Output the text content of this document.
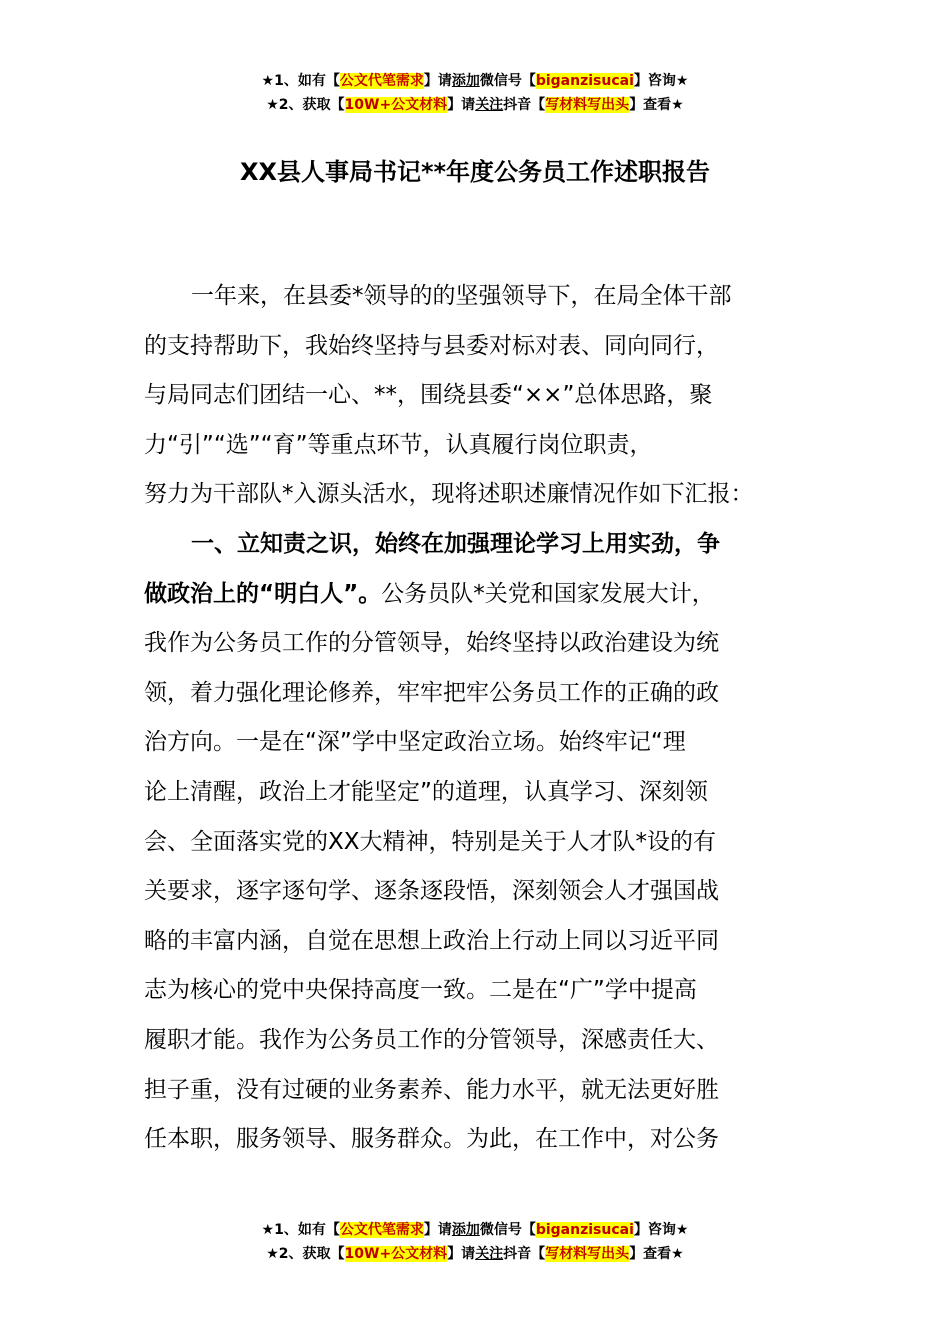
★1、如有【公文代笔需求】请添加微信号【biganzisucai】咨询★
★2、获取【10W+公文材料】请关注抖音【写材料写出头】查看★
XX县人事局书记**年度公务员工作述职报告
一年来，在县委*领导的的坚强领导下，在局全体干部
的支持帮助下，我始终坚持与县委对标对表、同向同行，
与局同志们团结一心、**，围绕县委“××”总体思路，聚
力“引”“选”“育”等重点环节，认真履行岗位职责，
努力为干部队*入源头活水，现将述职述廉情况作如下汇报：
一、立知责之识，始终在加强理论学习上用实劲，争
做政治上的“明白人”。公务员队*关党和国家发展大计，
我作为公务员工作的分管领导，始终坚持以政治建设为统
领，着力强化理论修养，牢牢把牢公务员工作的正确的政
治方向。一是在“深”学中坚定政治立场。始终牢记“理
论上清醒，政治上才能坚定”的道理，认真学习、深刻领
会、全面落实党的XX大精神，特别是关于人才队*设的有
关要求，逐字逐句学、逐条逐段悟，深刻领会人才强国战
略的丰富内涵，自觉在思想上政治上行动上同以习近平同
志为核心的党中央保持高度一致。二是在“广”学中提高
履职才能。我作为公务员工作的分管领导，深感责任大、
担子重，没有过硬的业务素养、能力水平，就无法更好胜
任本职，服务领导、服务群众。为此，在工作中，对公务
★1、如有【公文代笔需求】请添加微信号【biganzisucai】咨询★
★2、获取【10W+公文材料】请关注抖音【写材料写出头】查看★
